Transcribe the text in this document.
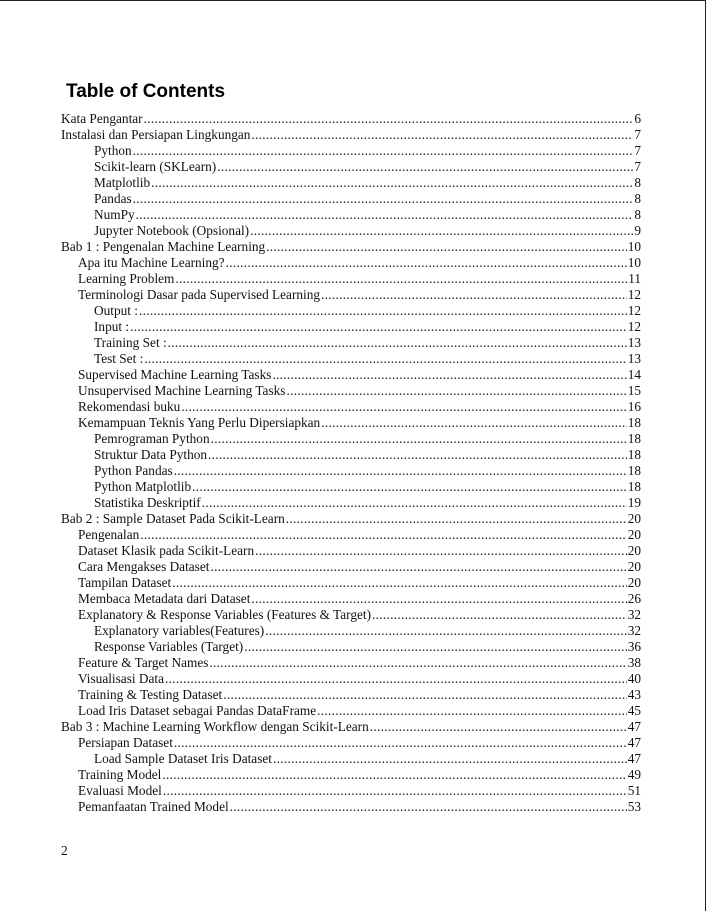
Table of Contents
Kata Pengantar .....	6
Instalasi dan Persiapan Lingkungan .....	7
Python .....	7
Scikit-learn (SKLearn) .....	7
Matplotlib .....	8
Pandas .....	8
NumPy .....	8
Jupyter Notebook (Opsional) .....	9
Bab 1 : Pengenalan Machine Learning .....	10
Apa itu Machine Learning? .....	10
Learning Problem .....	11
Terminologi Dasar pada Supervised Learning .....	12
Output : .....	12
Input : .....	12
Training Set : .....	13
Test Set : .....	13
Supervised Machine Learning Tasks .....	14
Unsupervised Machine Learning Tasks .....	15
Rekomendasi buku .....	16
Kemampuan Teknis Yang Perlu Dipersiapkan .....	18
Pemrograman Python .....	18
Struktur Data Python .....	18
Python Pandas .....	18
Python Matplotlib .....	18
Statistika Deskriptif .....	19
Bab 2 : Sample Dataset Pada Scikit-Learn .....	20
Pengenalan .....	20
Dataset Klasik pada Scikit-Learn .....	20
Cara Mengakses Dataset .....	20
Tampilan Dataset .....	20
Membaca Metadata dari Dataset .....	26
Explanatory & Response Variables (Features & Target) .....	32
Explanatory variables(Features) .....	32
Response Variables (Target) .....	36
Feature & Target Names .....	38
Visualisasi Data .....	40
Training & Testing Dataset .....	43
Load Iris Dataset sebagai Pandas DataFrame .....	45
Bab 3 : Machine Learning Workflow dengan Scikit-Learn .....	47
Persiapan Dataset .....	47
Load Sample Dataset Iris Dataset .....	47
Training Model .....	49
Evaluasi Model .....	51
Pemanfaatan Trained Model .....	53
2
